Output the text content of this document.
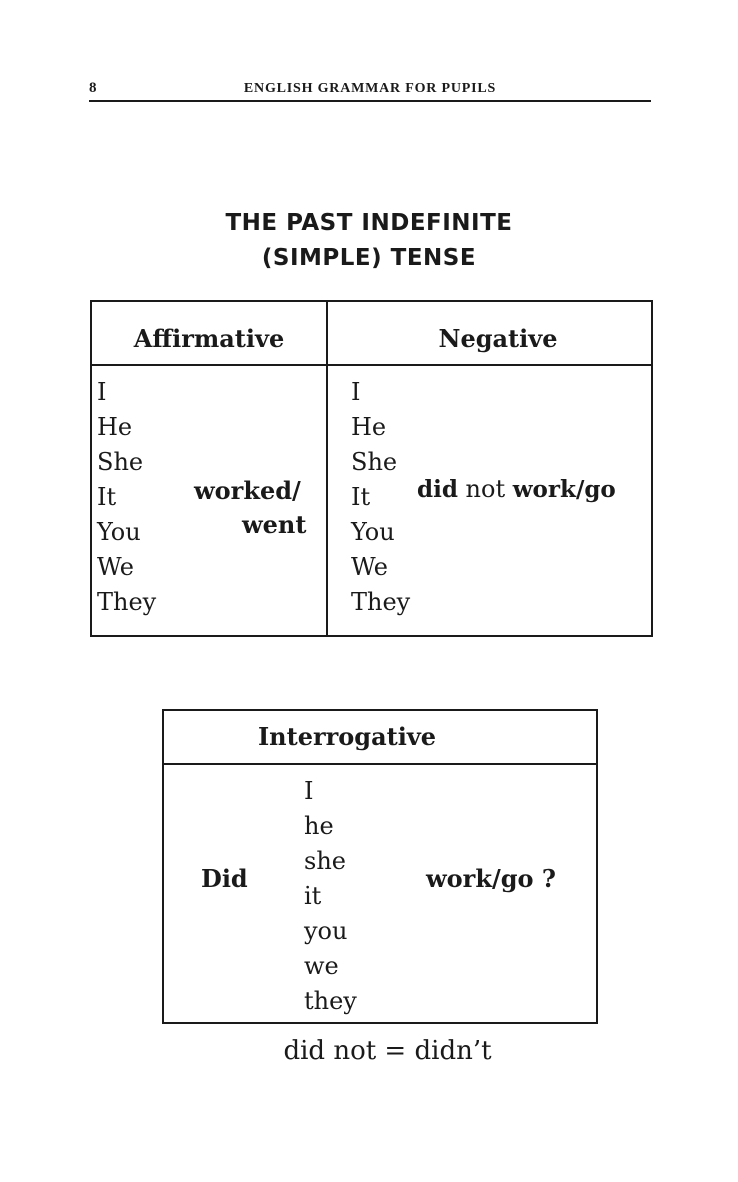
8	ENGLISH GRAMMAR FOR PUPILS
THE PAST INDEFINITE
(SIMPLE) TENSE
Affirmative	Negative
I
He
She
It
You
We
They
worked/
went
I
He
She
It
You
We
They
did not work/go
Interrogative
Did
I
he
she
it
you
we
they
work/go ?
did not = didn’t
